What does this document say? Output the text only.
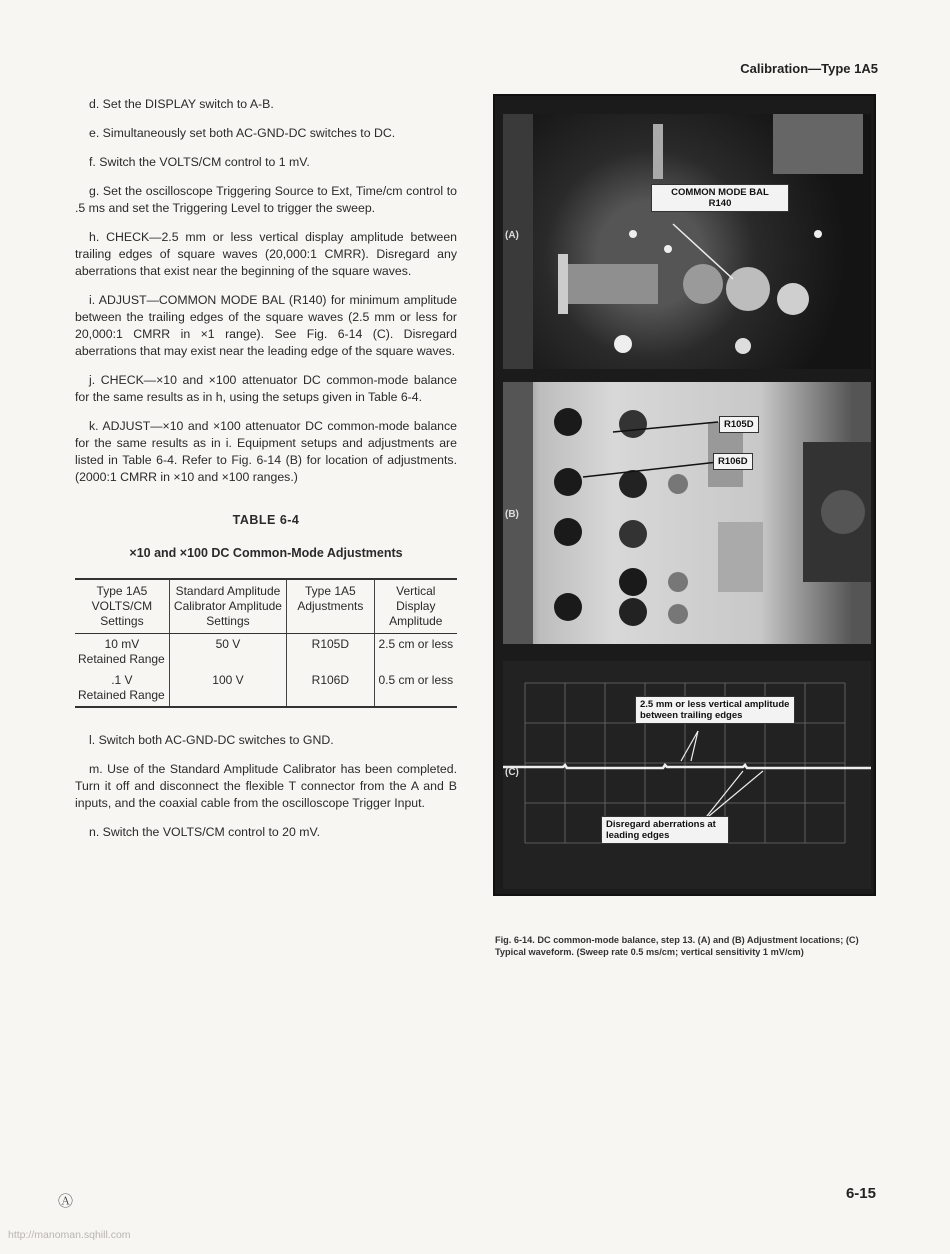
Calibration—Type 1A5

d. Set the DISPLAY switch to A-B.

e. Simultaneously set both AC-GND-DC switches to DC.

f. Switch the VOLTS/CM control to 1 mV.

g. Set the oscilloscope Triggering Source to Ext, Time/cm control to .5 ms and set the Triggering Level to trigger the sweep.

h. CHECK—2.5 mm or less vertical display amplitude between trailing edges of square waves (20,000:1 CMRR). Disregard any aberrations that exist near the beginning of the square waves.

i. ADJUST—COMMON MODE BAL (R140) for minimum amplitude between the trailing edges of the square waves (2.5 mm or less for 20,000:1 CMRR in ×1 range). See Fig. 6-14 (C). Disregard aberrations that may exist near the leading edge of the square waves.

j. CHECK—×10 and ×100 attenuator DC common-mode balance for the same results as in h, using the setups given in Table 6-4.

k. ADJUST—×10 and ×100 attenuator DC common-mode balance for the same results as in i. Equipment setups and adjustments are listed in Table 6-4. Refer to Fig. 6-14 (B) for location of adjustments. (2000:1 CMRR in ×10 and ×100 ranges.)

TABLE 6-4
×10 and ×100 DC Common-Mode Adjustments
Type 1A5 VOLTS/CM Settings	Standard Amplitude Calibrator Amplitude Settings	Type 1A5 Adjustments	Vertical Display Amplitude

10 mV
Retained Range	50 V	R105D	2.5 cm or less

.1 V
Retained Range	100 V	R106D	0.5 cm or less

l. Switch both AC-GND-DC switches to GND.

m. Use of the Standard Amplitude Calibrator has been completed. Turn it off and disconnect the flexible T connector from the A and B inputs, and the coaxial cable from the oscilloscope Trigger Input.

n. Switch the VOLTS/CM control to 20 mV.

(A)
COMMON MODE BAL
R140
(B)
R105D
R106D
(C)
2.5 mm or less vertical amplitude between trailing edges
Disregard aberrations at leading edges
Fig. 6-14. DC common-mode balance, step 13. (A) and (B) Adjustment locations; (C) Typical waveform. (Sweep rate 0.5 ms/cm; vertical sensitivity 1 mV/cm)
Ⓐ	6-15
http://manoman.sqhill.com
